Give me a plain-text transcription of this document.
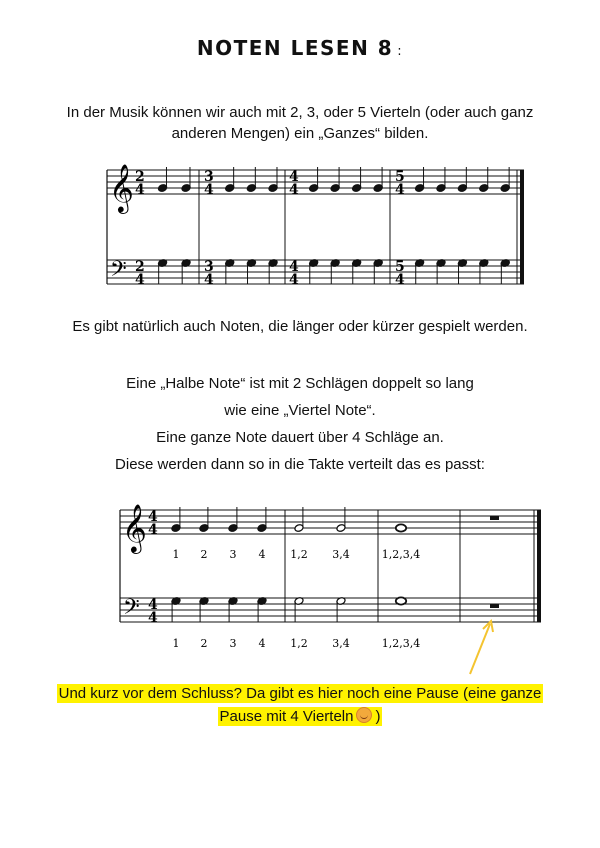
NOTEN LESEN 8 :
In der Musik können wir auch mit 2, 3, oder 5 Vierteln (oder auch ganz
anderen Mengen) ein „Ganzes“ bilden.
𝄞
𝄢
2
4
2
4
3
4
3
4
4
4
4
4
5
4
5
4
Es gibt natürlich auch Noten, die länger oder kürzer gespielt werden.
Eine „Halbe Note“ ist mit 2 Schlägen doppelt so lang
wie eine „Viertel Note“.
Eine ganze Note dauert über 4 Schläge an.
Diese werden dann so in die Takte verteilt das es passt:
𝄞
𝄢
4
4
4
4
1 2 3 4 1,2 3,4	1,2,3,4
1 2 3 4 1,2 3,4	1,2,3,4
Und kurz vor dem Schluss? Da gibt es hier noch eine Pause (eine ganze
Pause mit 4 Vierteln )
